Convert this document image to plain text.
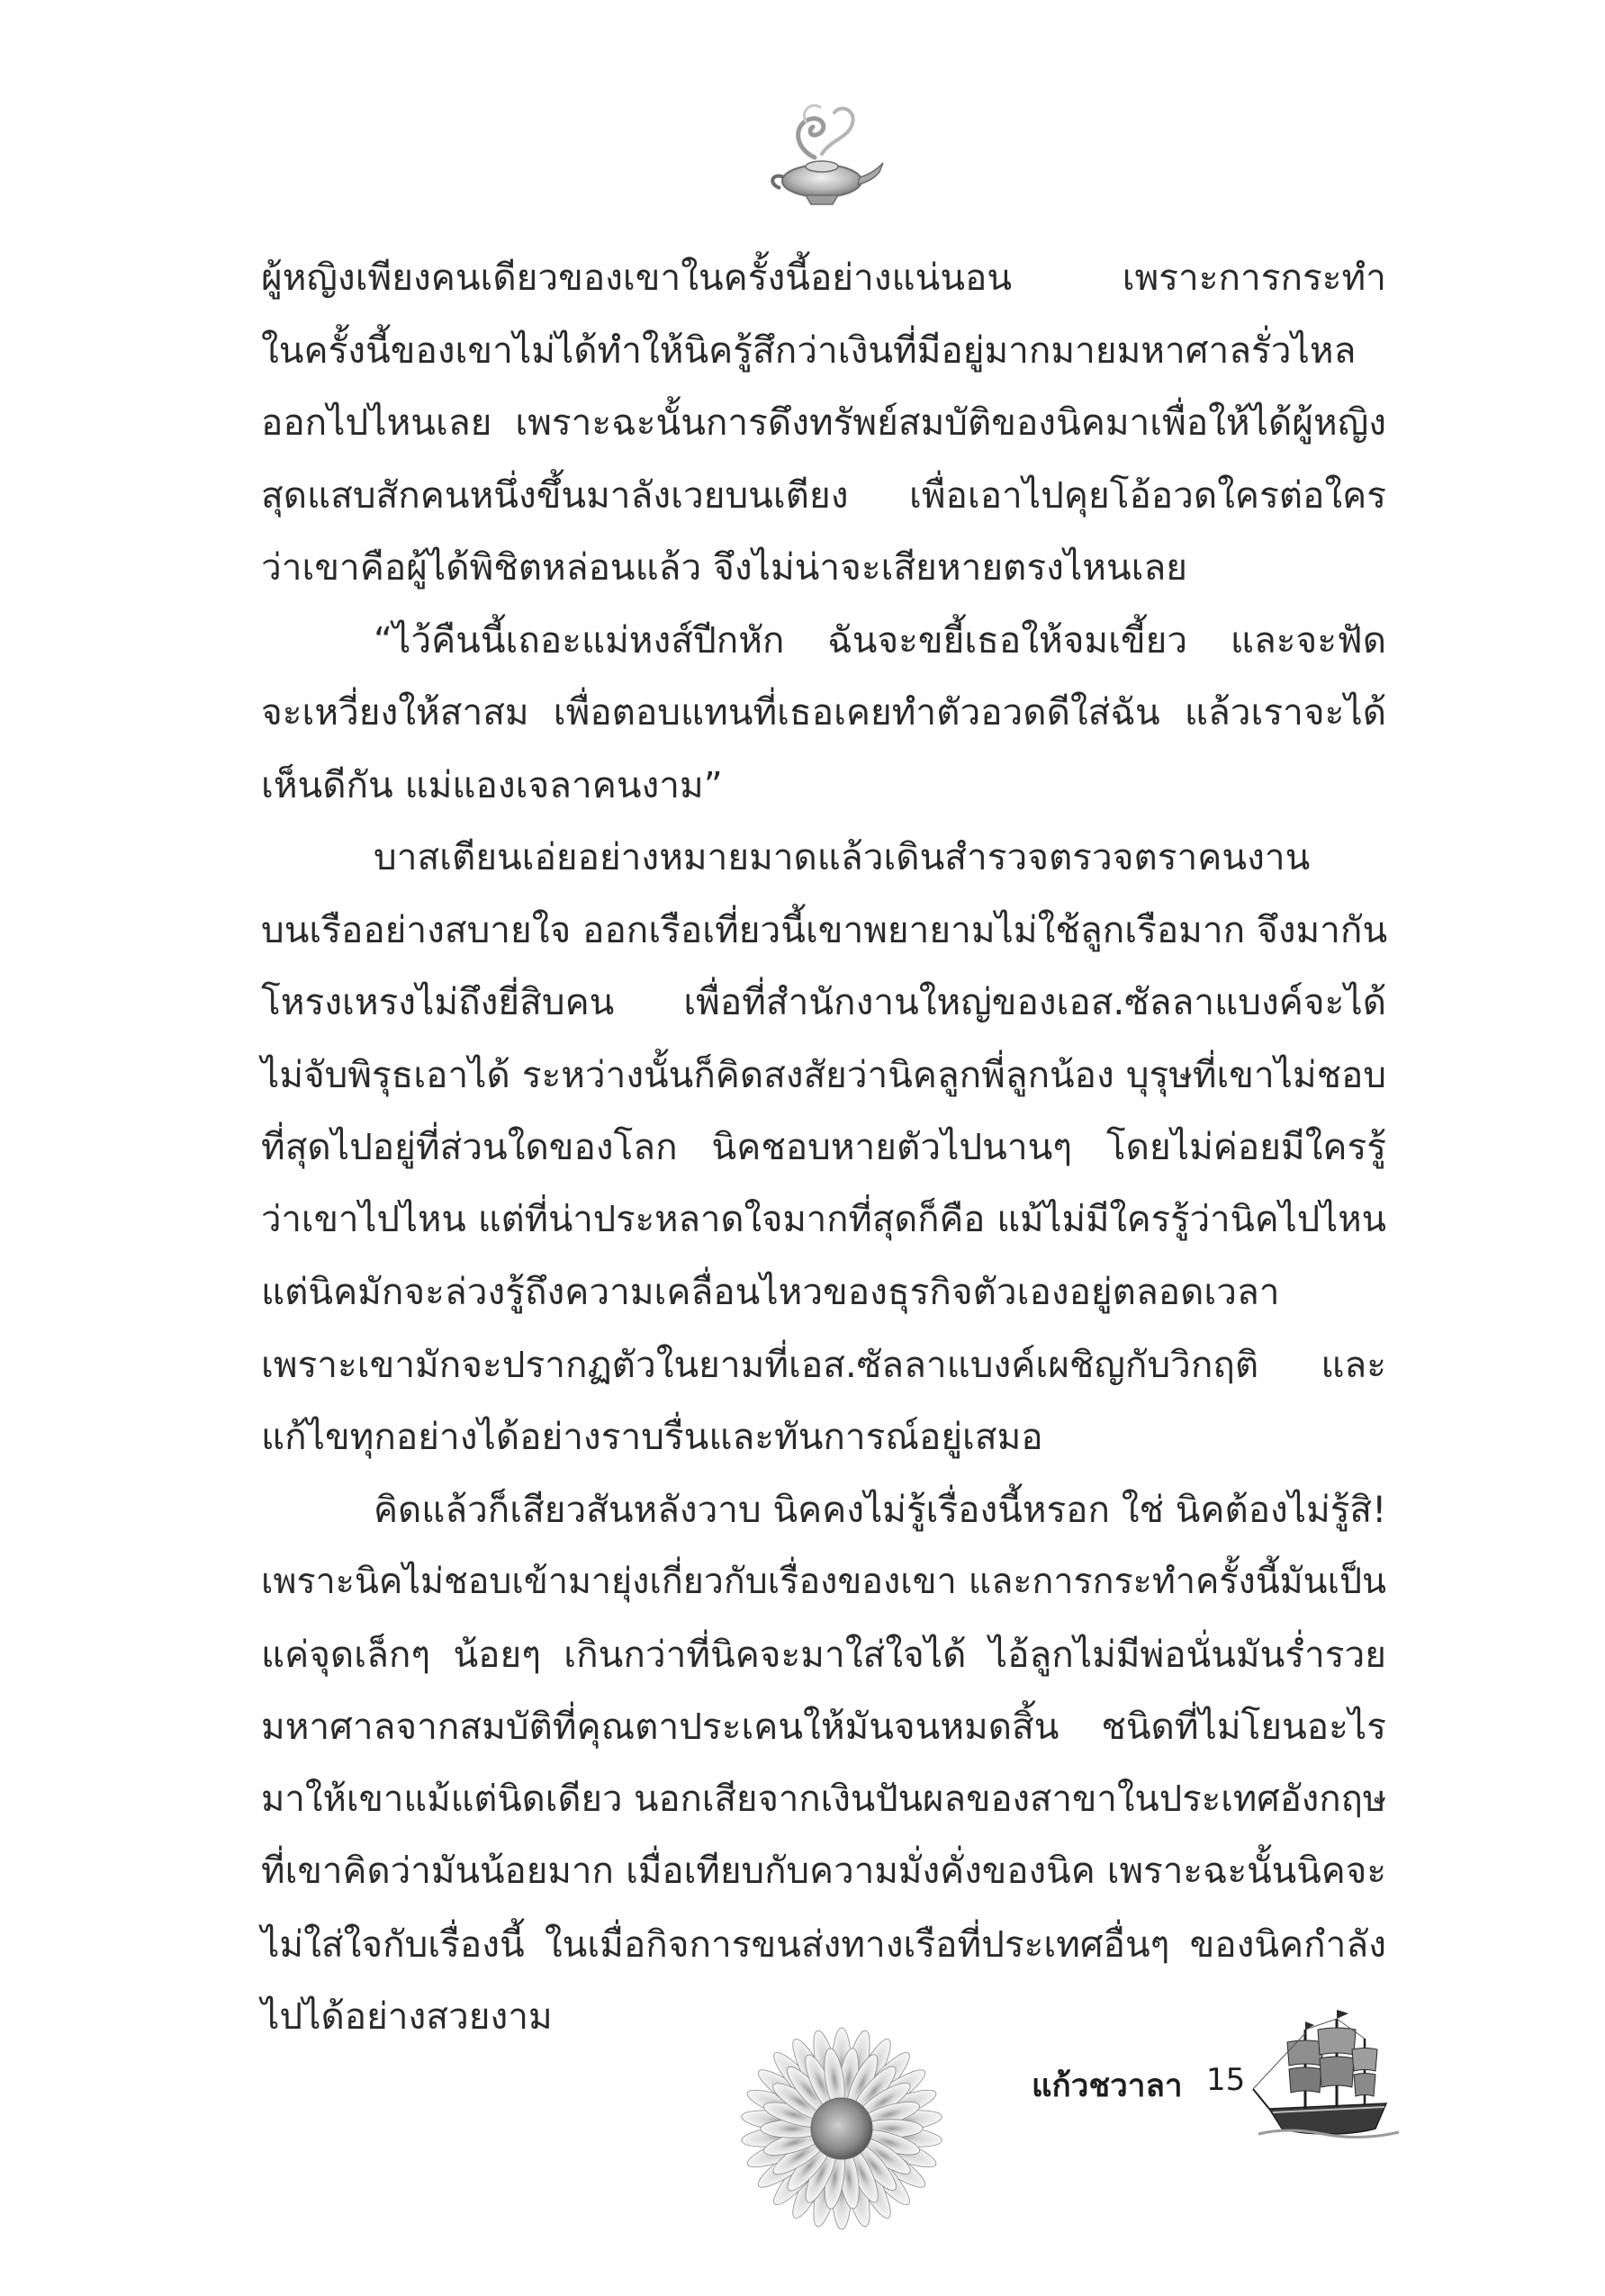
ผู้หญิงเพียงคนเดียวของเขาในครั้งนี้อย่างแน่นอน เพราะการกระทำ
ในครั้งนี้ของเขาไม่ได้ทำให้นิครู้สึกว่าเงินที่มีอยู่มากมายมหาศาลรั่วไหล
ออกไปไหนเลย เพราะฉะนั้นการดึงทรัพย์สมบัติของนิคมาเพื่อให้ได้ผู้หญิง
สุดแสบสักคนหนึ่งขึ้นมาลังเวยบนเตียง เพื่อเอาไปคุยโอ้อวดใครต่อใคร
ว่าเขาคือผู้ได้พิชิตหล่อนแล้ว จึงไม่น่าจะเสียหายตรงไหนเลย
“ไว้คืนนี้เถอะแม่หงส์ปีกหัก ฉันจะขยี้เธอให้จมเขี้ยว และจะฟัด
จะเหวี่ยงให้สาสม เพื่อตอบแทนที่เธอเคยทำตัวอวดดีใส่ฉัน แล้วเราจะได้
เห็นดีกัน แม่แองเจลาคนงาม”
บาสเตียนเอ่ยอย่างหมายมาดแล้วเดินสำรวจตรวจตราคนงาน
บนเรืออย่างสบายใจ ออกเรือเที่ยวนี้เขาพยายามไม่ใช้ลูกเรือมาก จึงมากัน
โหรงเหรงไม่ถึงยี่สิบคน เพื่อที่สำนักงานใหญ่ของเอส.ซัลลาแบงค์จะได้
ไม่จับพิรุธเอาได้ ระหว่างนั้นก็คิดสงสัยว่านิคลูกพี่ลูกน้อง บุรุษที่เขาไม่ชอบ
ที่สุดไปอยู่ที่ส่วนใดของโลก นิคชอบหายตัวไปนานๆ โดยไม่ค่อยมีใครรู้
ว่าเขาไปไหน แต่ที่น่าประหลาดใจมากที่สุดก็คือ แม้ไม่มีใครรู้ว่านิคไปไหน
แต่นิคมักจะล่วงรู้ถึงความเคลื่อนไหวของธุรกิจตัวเองอยู่ตลอดเวลา
เพราะเขามักจะปรากฏตัวในยามที่เอส.ซัลลาแบงค์เผชิญกับวิกฤติ และ
แก้ไขทุกอย่างได้อย่างราบรื่นและทันการณ์อยู่เสมอ
คิดแล้วก็เสียวสันหลังวาบ นิคคงไม่รู้เรื่องนี้หรอก ใช่ นิคต้องไม่รู้สิ!
เพราะนิคไม่ชอบเข้ามายุ่งเกี่ยวกับเรื่องของเขา และการกระทำครั้งนี้มันเป็น
แค่จุดเล็กๆ น้อยๆ เกินกว่าที่นิคจะมาใส่ใจได้ ไอ้ลูกไม่มีพ่อนั่นมันร่ำรวย
มหาศาลจากสมบัติที่คุณตาประเคนให้มันจนหมดสิ้น ชนิดที่ไม่โยนอะไร
มาให้เขาแม้แต่นิดเดียว นอกเสียจากเงินปันผลของสาขาในประเทศอังกฤษ
ที่เขาคิดว่ามันน้อยมาก เมื่อเทียบกับความมั่งคั่งของนิค เพราะฉะนั้นนิคจะ
ไม่ใส่ใจกับเรื่องนี้ ในเมื่อกิจการขนส่งทางเรือที่ประเทศอื่นๆ ของนิคกำลัง
ไปได้อย่างสวยงาม
แก้วชวาลา 15
